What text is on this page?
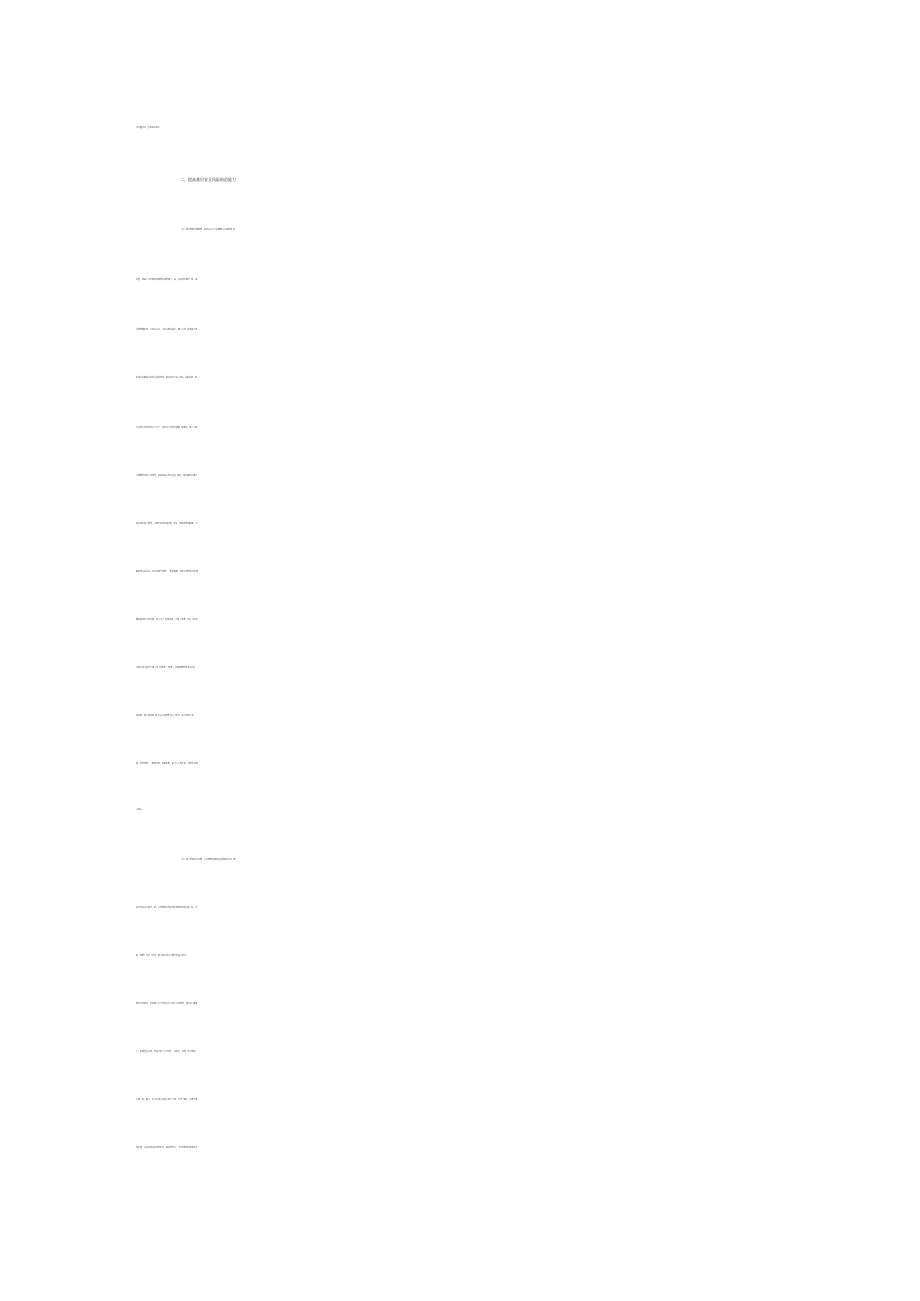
排查整治和  责任倒查机制。
二、提高基层安全风险防范能力
（五）强化智能监测预警。推动公共安全治理模式向事前预  防
转型，促进专业监测和群测群防深度融合，进一步完善监测手  段，提
高预警精准度，实现从人防、技防向智防提升。健全自然  灾害综合风
险普查和数据成果动态更新制度，强化结果分析应用O  加强洪涝、泥
石流等自然灾害和安全生产、消防安全风险监测网  络建设，建立专职
或兼职信息报告员制度，推动系统应用向基层  延伸，强化数据汇聚共
享和风险综合研判。定期开展危险源辨识  评估，积极运用物联网、大
数据等先进技术，对老化燃气管道、   桥涵隧道、病险水库等高风险领
域加强风险实时监测，制定安全  防范措施。乡镇（街道）和村（社区）
在相关部门指导下建立风  险隐患“一张图”，畅通预警信息发布和传
播渠道，落实直达网  格责任人的预警“叫应”机制，综合运用应急广
播、短信微信、   智能外呼、鸣锣吹哨、敲门入户等手段，及时传达到
户到人。
（六）做实隐患排查治理。市县两级加强对基层隐患排查治  理
的业务和技术指导，推广应用简便易用的风险隐患信息报送系  统。乡
镇（街道）和村（社区）配合相关部门定期开展重点检查，
做好日常巡查，推动落实生产经营单位主动自查等制度，突出防  御重
点，盯紧基层末梢，着重开展“九小场所”、农家乐、经营  性自建房、
在建工地、燃气、低洼易涝点及城市地下空间、江河  堤防、山塘水库、
尾矿库、山洪和地质灾害危险区、森林草原火     险区等风险隐患排查，
